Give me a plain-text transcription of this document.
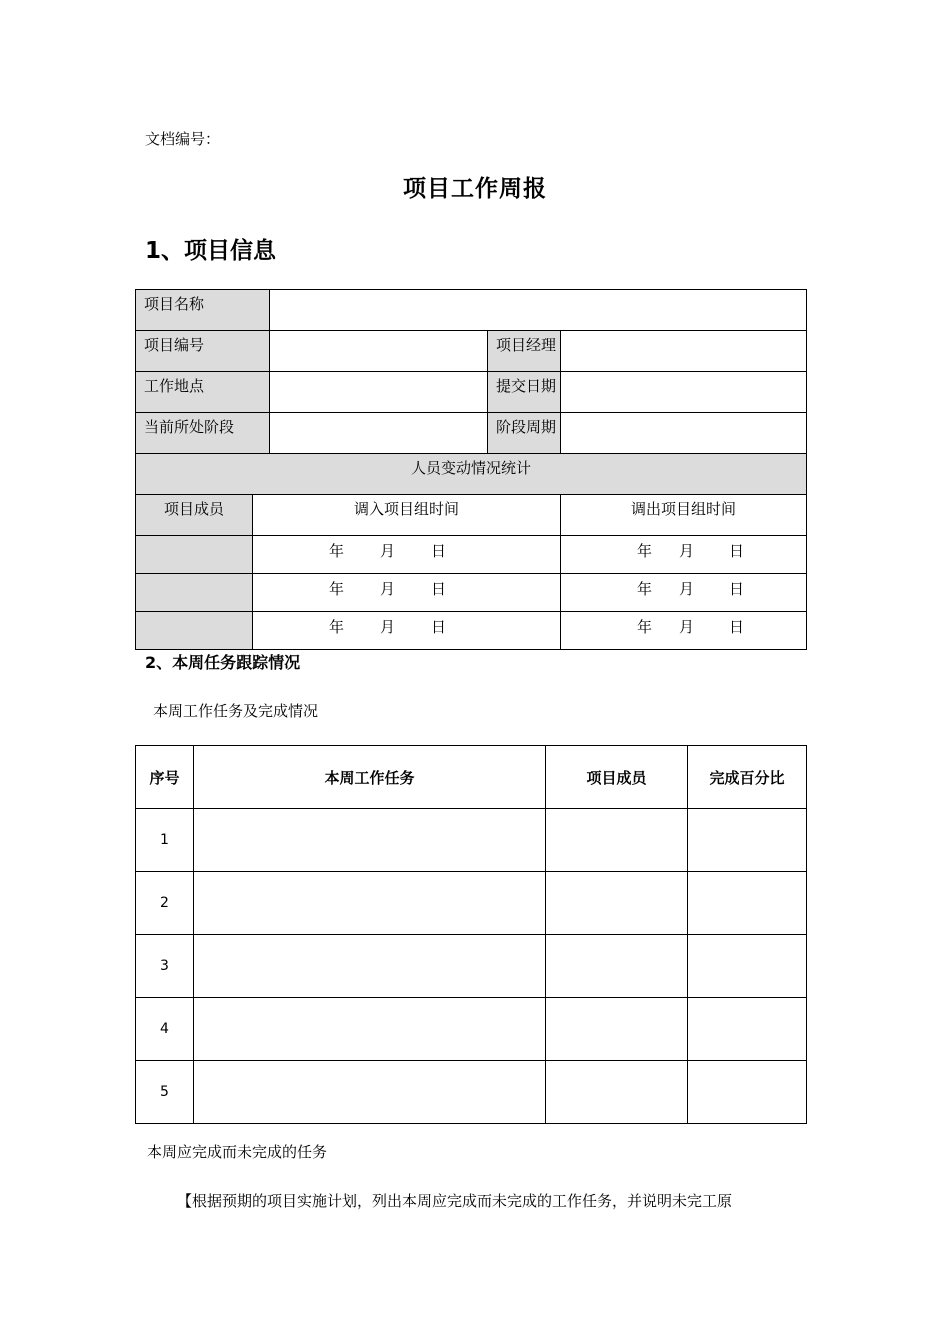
文档编号：
项目工作周报
1、项目信息
项目名称				
项目编号			项目经理	
工作地点			提交日期	
当前所处阶段			阶段周期	
人员变动情况统计				
项目成员	调入项目组时间			调出项目组时间

	年 月 日			年 月 日

	年 月 日			年 月 日

	年 月 日			年 月 日
2、本周任务跟踪情况
本周工作任务及完成情况
序号	本周工作任务	项目成员	完成百分比
1			
2			
3			
4			
5			
本周应完成而未完成的任务
【根据预期的项目实施计划，列出本周应完成而未完成的工作任务，并说明未完工原
